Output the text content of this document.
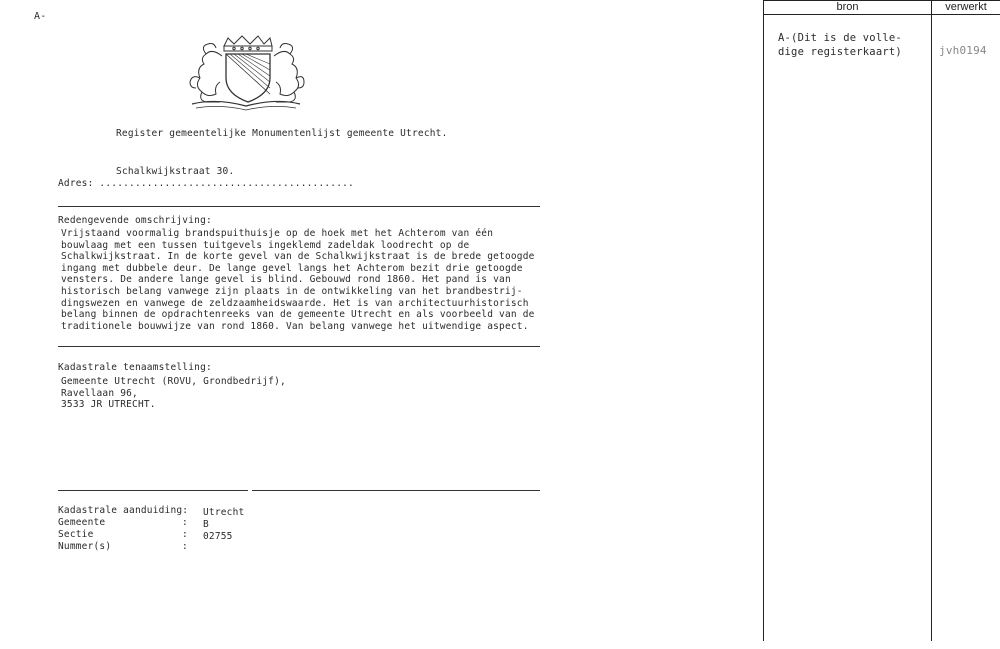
A-
Register gemeentelijke Monumentenlijst gemeente Utrecht.
Schalkwijkstraat 30.
Adres: ...........................................
Redengevende omschrijving:
Vrijstaand voormalig brandspuithuisje op de hoek met het Achterom van één
bouwlaag met een tussen tuitgevels ingeklemd zadeldak loodrecht op de
Schalkwijkstraat. In de korte gevel van de Schalkwijkstraat is de brede getoogde
ingang met dubbele deur. De lange gevel langs het Achterom bezit drie getoogde
vensters. De andere lange gevel is blind. Gebouwd rond 1860. Het pand is van
historisch belang vanwege zijn plaats in de ontwikkeling van het brandbestrij-
dingswezen en vanwege de zeldzaamheidswaarde. Het is van architectuurhistorisch
belang binnen de opdrachtenreeks van de gemeente Utrecht en als voorbeeld van de
traditionele bouwwijze van rond 1860. Van belang vanwege het uitwendige aspect.
Kadastrale tenaamstelling:
Gemeente Utrecht (ROVU, Grondbedrijf),
Ravellaan 96,
3533 JR UTRECHT.
Kadastrale aanduiding:
Gemeente
Sectie
Nummer(s)
:
:
:
Utrecht
B
02755
bron	verwerkt
A-(Dit is de volle-
dige registerkaart)	jvh0194
